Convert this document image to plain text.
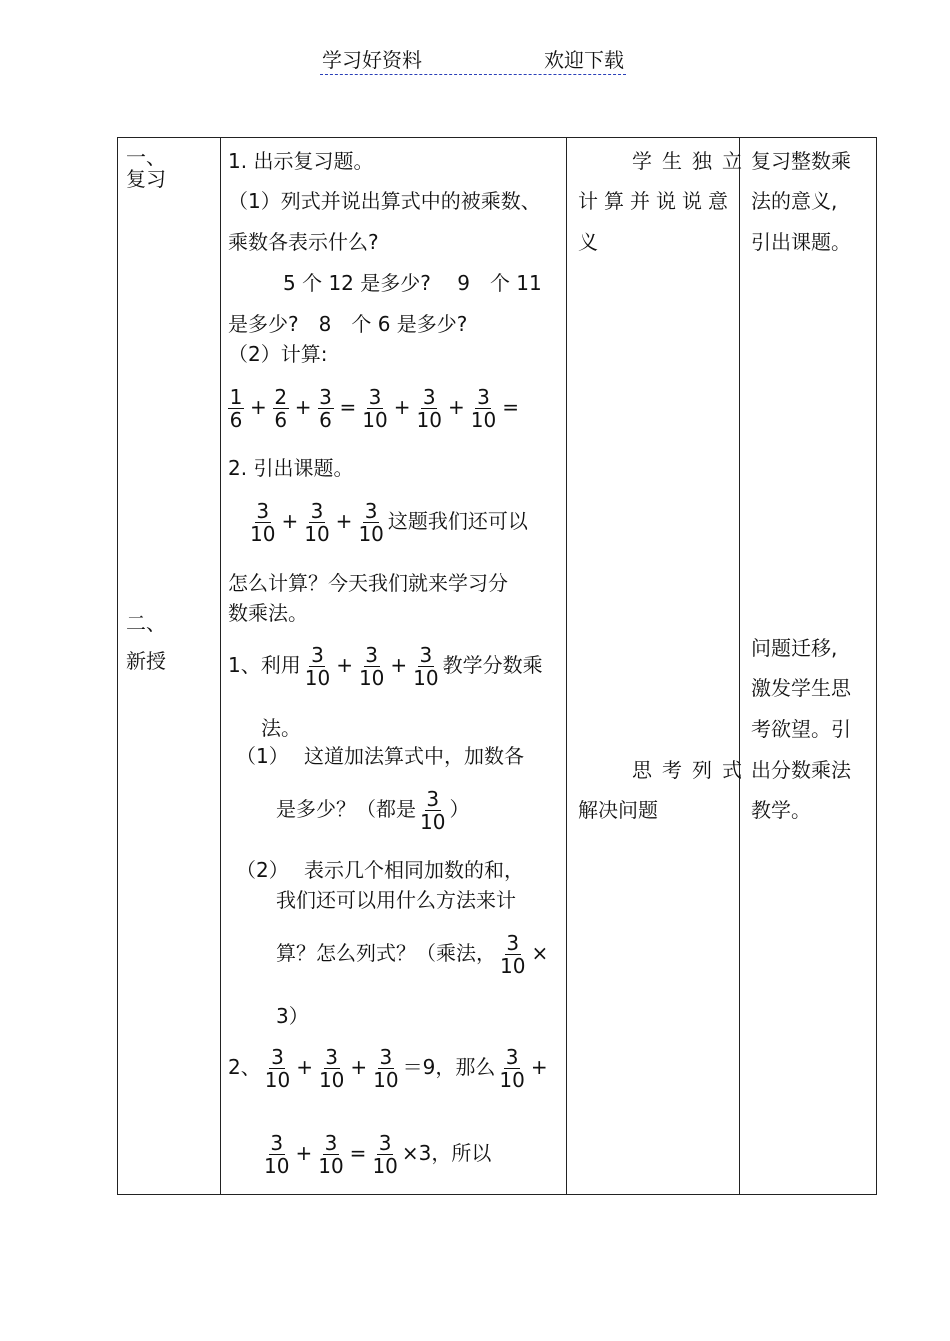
学习好资料	欢迎下载
一、
复习
二、
新授
1. 出示复习题。
（1）列式并说出算式中的被乘数、
乘数各表示什么?
5 个 12 是多少?　 9　个 11
是多少?　8　个 6 是多少?
（2）计算:
$\frac{1}{6} + \frac{2}{6} + \frac{3}{6} = \frac{3}{10} + \frac{3}{10} + \frac{3}{10}$ =
2. 引出课题。
$\frac{3}{10} + \frac{3}{10} + \frac{3}{10}$ 这题我们还可以
怎么计算？今天我们就来学习分
数乘法。
1、利用 $\frac{3}{10} + \frac{3}{10} + \frac{3}{10}$ 教学分数乘
法。
（1） 这道加法算式中，加数各
是多少？（都是 $\frac{3}{10}$ ）
（2） 表示几个相同加数的和，
我们还可以用什么方法来计
算？怎么列式？（乘法， $\frac{3}{10}$ ×
3）
2、 $\frac{3}{10} + \frac{3}{10} + \frac{3}{10} =9$，那么 $\frac{3}{10}$ +
$\frac{3}{10} + \frac{3}{10} = \frac{3}{10} \times 3$，所以
学生独立
计算并说说意
义
思考列式
解决问题
复习整数乘
法的意义,
引出课题。
问题迁移,
激发学生思
考欲望。引
出分数乘法
教学。
